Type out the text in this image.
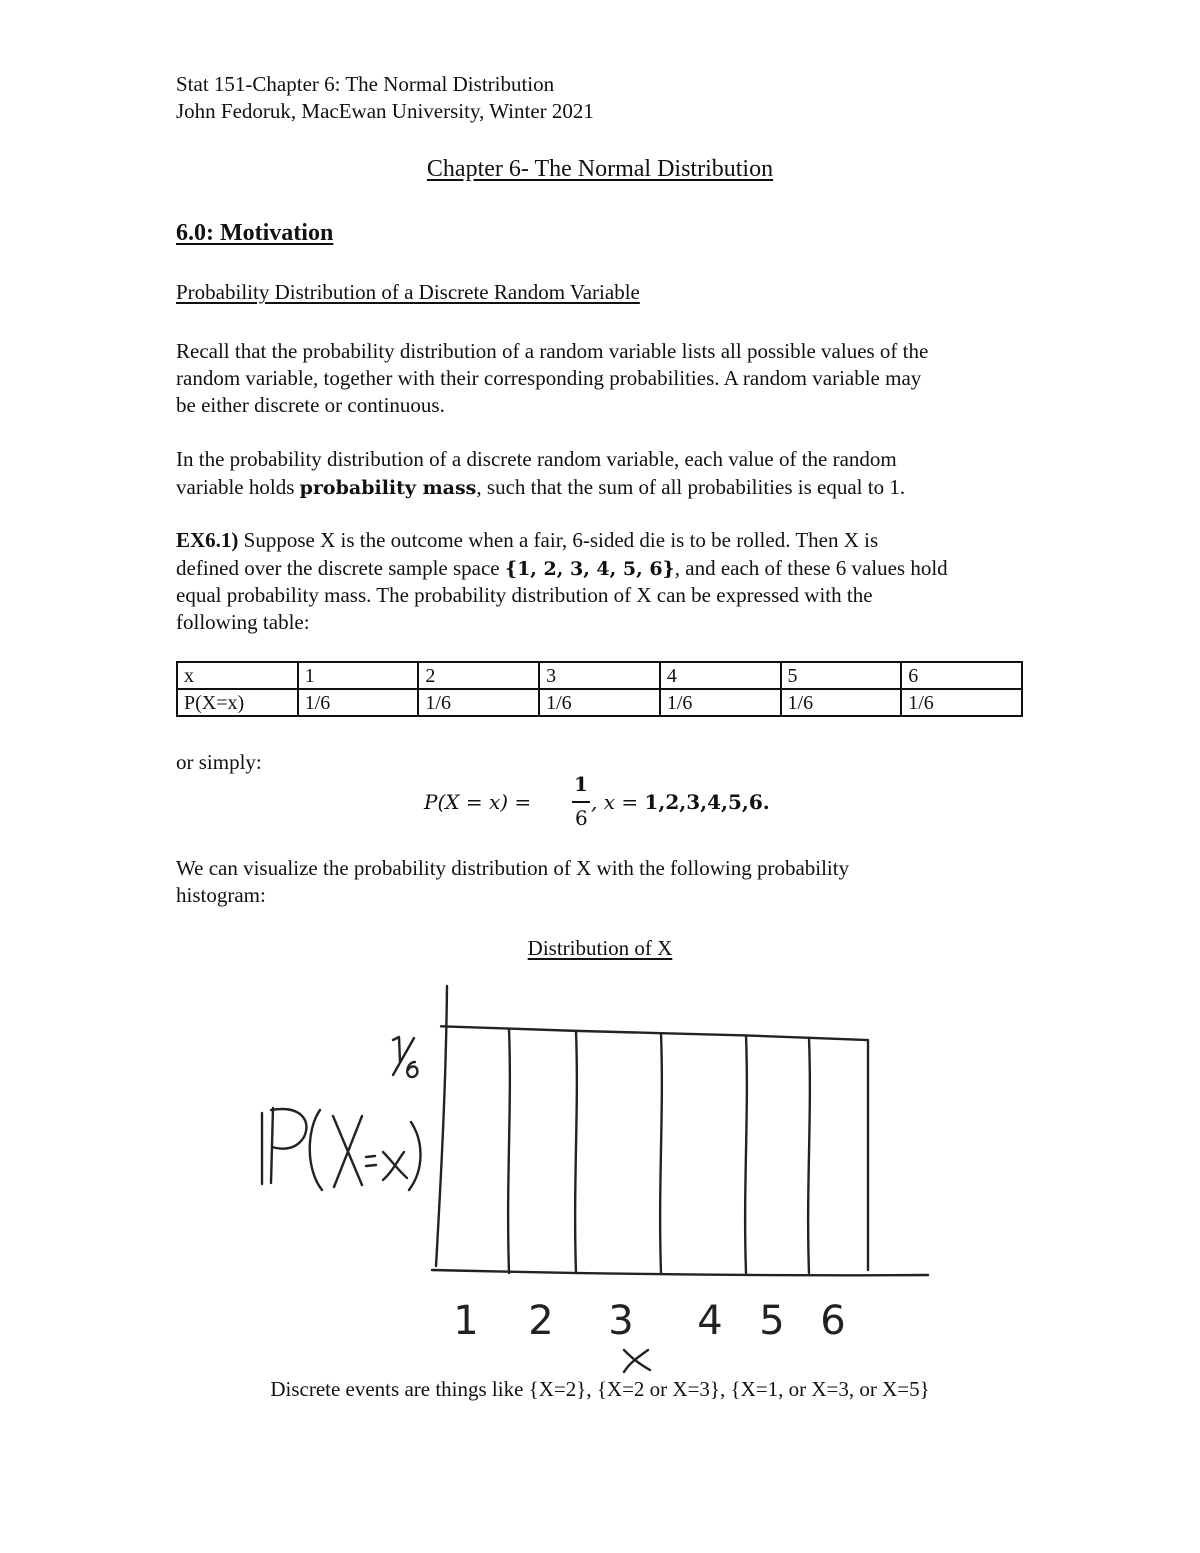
Stat 151-Chapter 6: The Normal Distribution
John Fedoruk, MacEwan University, Winter 2021
Chapter 6- The Normal Distribution
6.0: Motivation
Probability Distribution of a Discrete Random Variable
Recall that the probability distribution of a random variable lists all possible values of the
random variable, together with their corresponding probabilities. A random variable may
be either discrete or continuous.
In the probability distribution of a discrete random variable, each value of the random
variable holds probability mass, such that the sum of all probabilities is equal to 1.
EX6.1) Suppose X is the outcome when a fair, 6-sided die is to be rolled. Then X is
defined over the discrete sample space {1, 2, 3, 4, 5, 6}, and each of these 6 values hold
equal probability mass. The probability distribution of X can be expressed with the
following table:
x	1	2	3	4	5	6
P(X=x)	1/6	1/6	1/6	1/6	1/6	1/6
or simply:
P(X = x) =
1
6
, x = 1,2,3,4,5,6.
We can visualize the probability distribution of X with the following probability
histogram:
Distribution of X
1 2 3 4 5 6
Discrete events are things like {X=2}, {X=2 or X=3}, {X=1, or X=3, or X=5}
